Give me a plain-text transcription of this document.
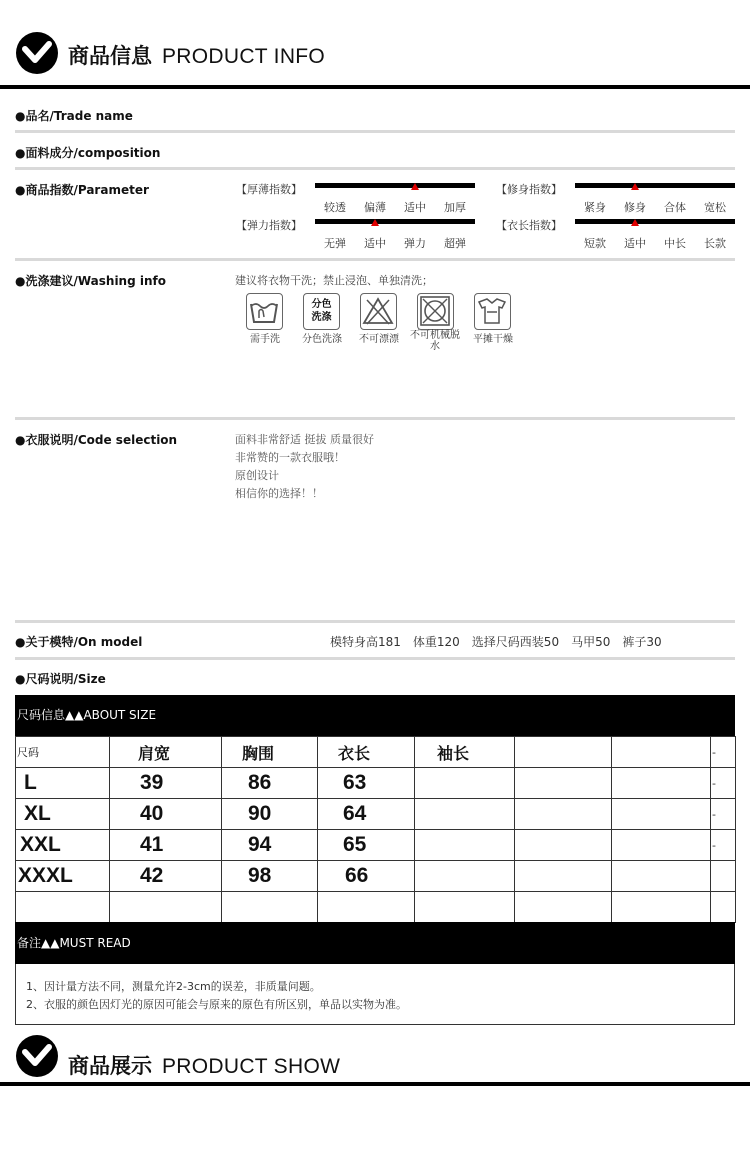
商品信息 PRODUCT INFO
●品名/Trade name
●面料成分/composition
●商品指数/Parameter	【厚薄指数】
较透	偏薄	适中	加厚
【修身指数】
紧身	修身	合体	宽松
【弹力指数】
无弹	适中	弹力	超弹
【衣长指数】
短款	适中	中长	长款
●洗涤建议/Washing info	建议将衣物干洗；禁止浸泡、单独清洗；
分色洗涤
需手洗	分色洗涤	不可漂漂	不可机械脱水
平摊干燥
●衣服说明/Code selection	面料非常舒适 挺拔 质量很好
非常赞的一款衣服哦！
原创设计
相信你的选择！！
●关于模特/On model	模特身高181　体重120　选择尺码西装50　马甲50　裤子30
●尺码说明/Size
尺码信息▲▲ABOUT SIZE
尺码	肩宽	胸围	衣长	袖长			-
L	39	86	63				-
XL	40	90	64				-
XXL	41	94	65				-
XXXL	42	98	66				

备注▲▲MUST READ
1、因计量方法不同，测量允许2-3cm的误差，非质量问题。
2、衣服的颜色因灯光的原因可能会与原来的原色有所区别，单品以实物为准。
商品展示 PRODUCT SHOW
